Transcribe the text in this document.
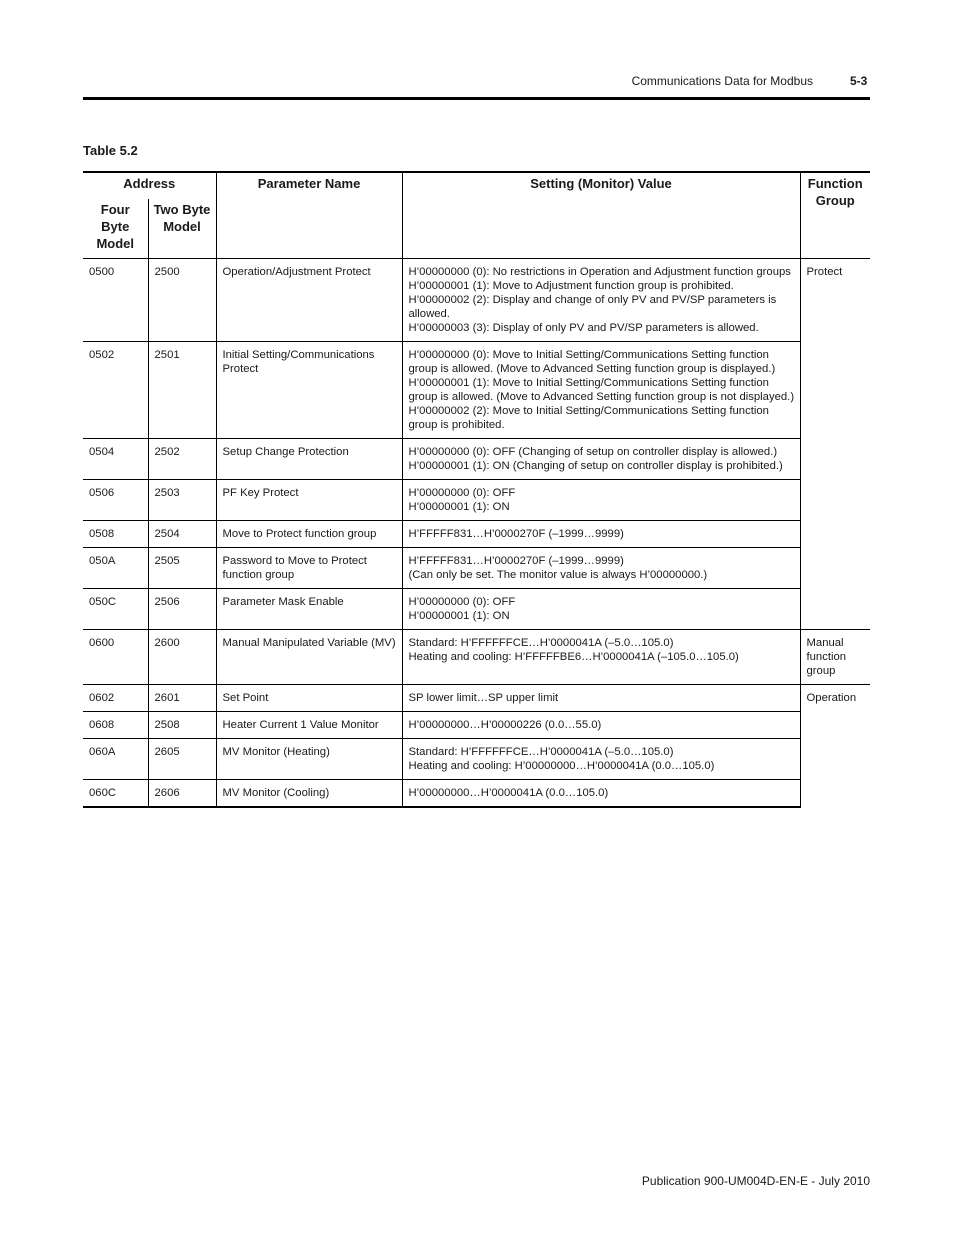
Communications Data for Modbus	5-3
Table 5.2
Address		Parameter Name	Setting (Monitor) Value	Function Group
Four Byte Model	Two Byte Model			
0500	2500	Operation/Adjustment Protect	H’00000000 (0): No restrictions in Operation and Adjustment function groups
H’00000001 (1): Move to Adjustment function group is prohibited.
H’00000002 (2): Display and change of only PV and PV/SP parameters is allowed.
H’00000003 (3): Display of only PV and PV/SP parameters is allowed.	Protect
0502	2501	Initial Setting/Communications Protect	H’00000000 (0): Move to Initial Setting/Communications Setting function group is allowed. (Move to Advanced Setting function group is displayed.)
H’00000001 (1): Move to Initial Setting/Communications Setting function group is allowed. (Move to Advanced Setting function group is not displayed.)
H’00000002 (2): Move to Initial Setting/Communications Setting function group is prohibited.	

0504	2502	Setup Change Protection	H’00000000 (0): OFF (Changing of setup on controller display is allowed.)
H’00000001 (1): ON (Changing of setup on controller display is prohibited.)	

0506	2503	PF Key Protect	H’00000000 (0): OFF
H’00000001 (1): ON	

0508	2504	Move to Protect function group	H’FFFFF831…H’0000270F (–1999…9999)	

050A	2505	Password to Move to Protect function group	H’FFFFF831…H’0000270F (–1999…9999)
(Can only be set. The monitor value is always H’00000000.)	

050C	2506	Parameter Mask Enable	H’00000000 (0): OFF
H’00000001 (1): ON	

0600	2600	Manual Manipulated Variable (MV)	Standard: H’FFFFFFCE…H’0000041A (–5.0…105.0)
Heating and cooling: H’FFFFFBE6…H’0000041A (–105.0…105.0)	Manual function group
0602	2601	Set Point	SP lower limit…SP upper limit	Operation
0608	2508	Heater Current 1 Value Monitor	H’00000000…H’00000226 (0.0…55.0)	

060A	2605	MV Monitor (Heating)	Standard: H’FFFFFFCE…H’0000041A (–5.0…105.0)
Heating and cooling: H’00000000…H’0000041A (0.0…105.0)	

060C	2606	MV Monitor (Cooling)	H’00000000…H’0000041A (0.0…105.0)	
Publication 900-UM004D-EN-E - July 2010
